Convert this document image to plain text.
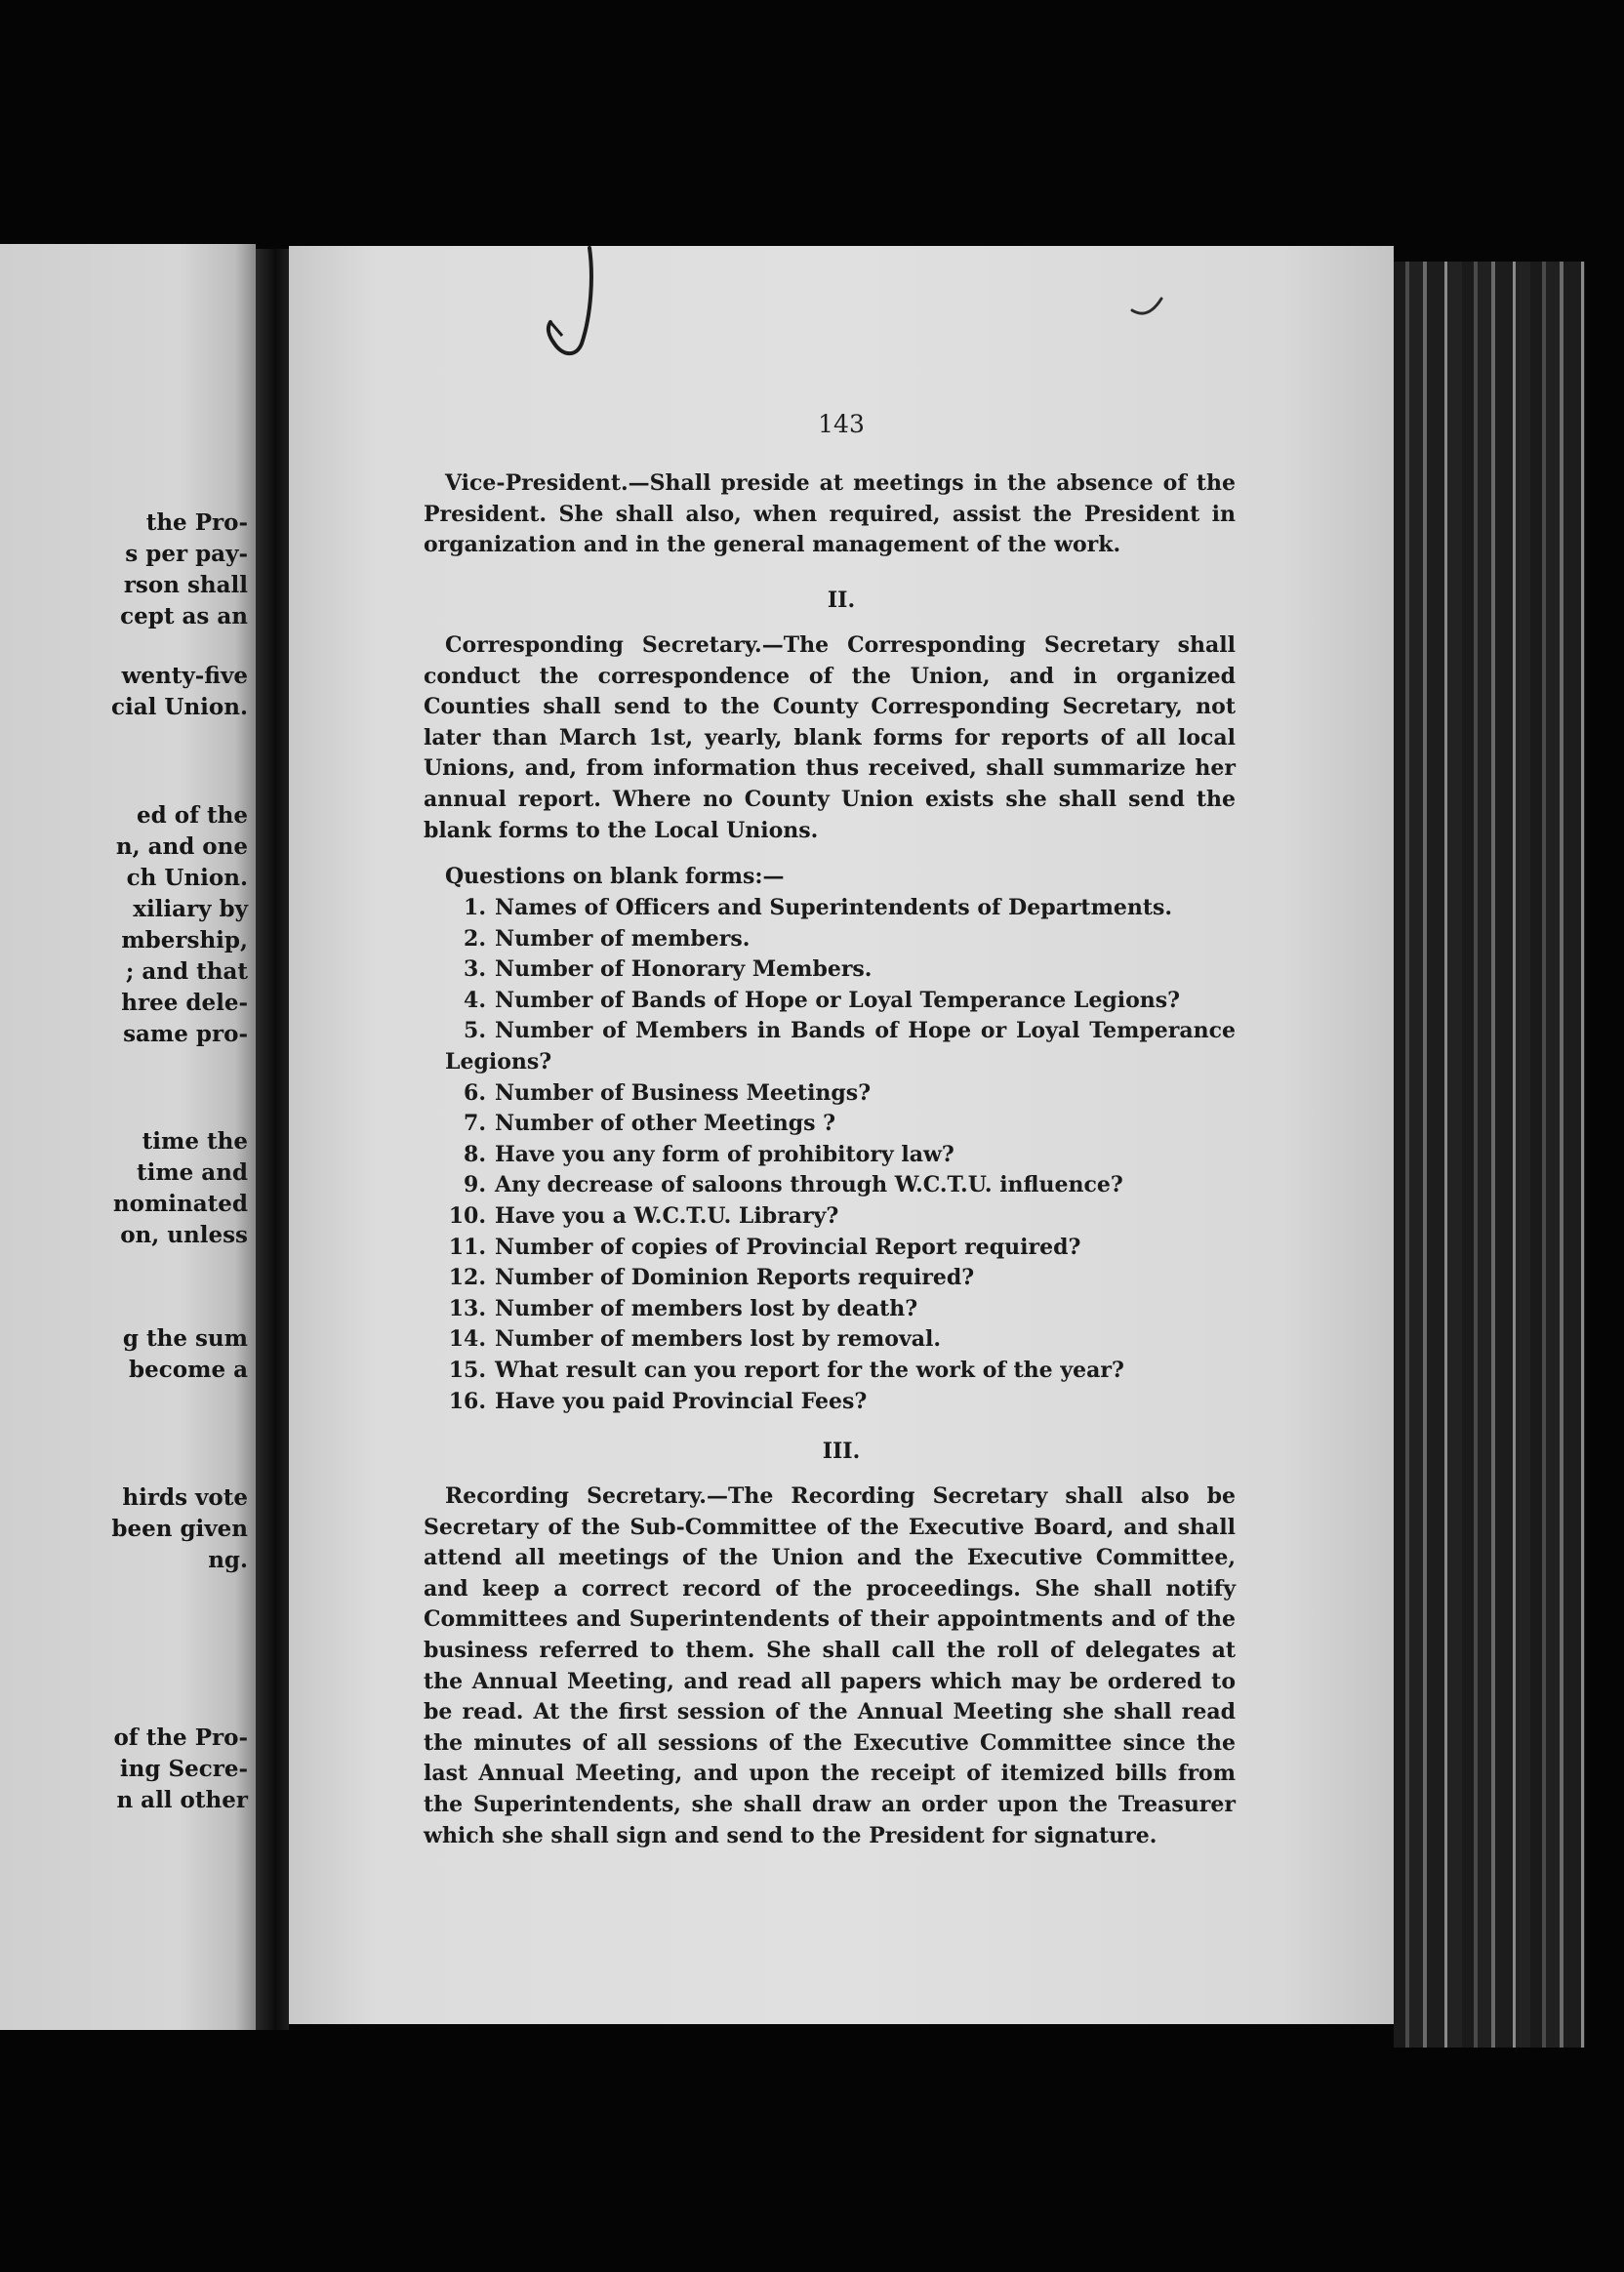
the Pro-

s per pay-

rson shall

cept as an

wenty-five

cial Union.

ed of the

n, and one

ch Union.

xiliary by

mbership,

; and that

hree dele-

same pro-

time the

time and

nominated

on, unless

g the sum

become a

hirds vote

been given

ng.

of the Pro-

ing Secre-

n all other

143

Vice-President.—Shall preside at meetings in the absence of the President. She shall also, when required, assist the President in organization and in the general management of the work.

II.

Corresponding Secretary.—The Corresponding Secretary shall conduct the correspondence of the Union, and in organized Counties shall send to the County Corresponding Secretary, not later than March 1st, yearly, blank forms for reports of all local Unions, and, from information thus received, shall summarize her annual report. Where no County Union exists she shall send the blank forms to the Local Unions.

Questions on blank forms:—

1. Names of Officers and Superintendents of Departments.
2. Number of members.
3. Number of Honorary Members.
4. Number of Bands of Hope or Loyal Temperance Legions?
5. Number of Members in Bands of Hope or Loyal Temperance Legions?
6. Number of Business Meetings?
7. Number of other Meetings ?
8. Have you any form of prohibitory law?
9. Any decrease of saloons through W.C.T.U. influence?
10. Have you a W.C.T.U. Library?
11. Number of copies of Provincial Report required?
12. Number of Dominion Reports required?
13. Number of members lost by death?
14. Number of members lost by removal.
15. What result can you report for the work of the year?
16. Have you paid Provincial Fees?

III.

Recording Secretary.—The Recording Secretary shall also be Secretary of the Sub-Committee of the Executive Board, and shall attend all meetings of the Union and the Executive Committee, and keep a correct record of the proceedings. She shall notify Committees and Superintendents of their appointments and of the business referred to them. She shall call the roll of delegates at the Annual Meeting, and read all papers which may be ordered to be read. At the first session of the Annual Meeting she shall read the minutes of all sessions of the Executive Committee since the last Annual Meeting, and upon the receipt of itemized bills from the Superintendents, she shall draw an order upon the Treasurer which she shall sign and send to the President for signature.
